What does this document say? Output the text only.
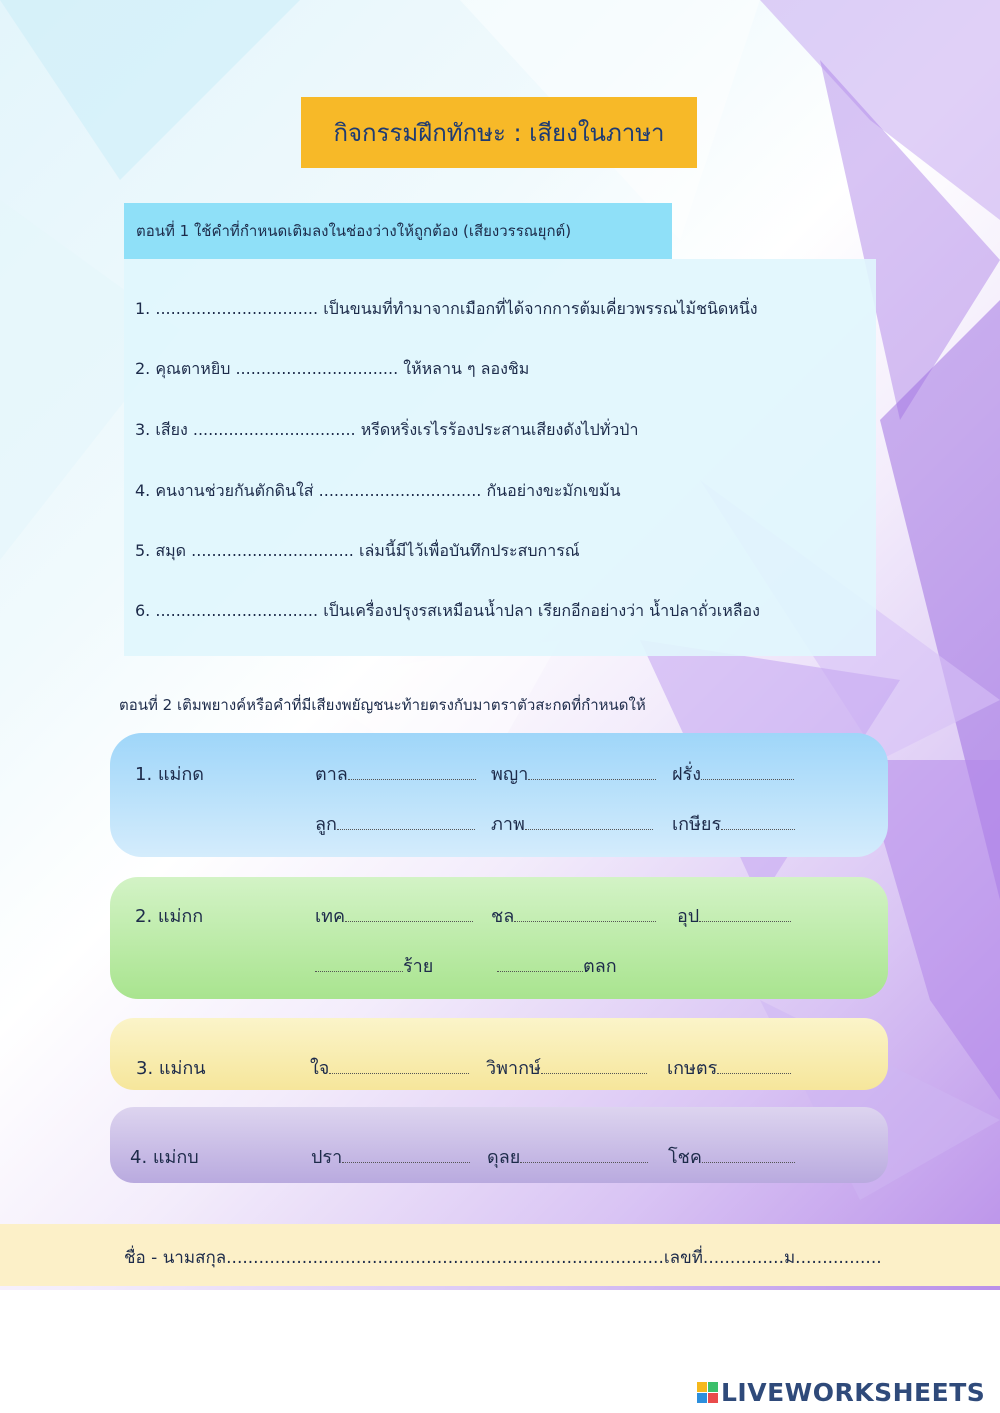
กิจกรรมฝึกทักษะ : เสียงในภาษา
ตอนที่ 1 ใช้คำที่กำหนดเติมลงในช่องว่างให้ถูกต้อง (เสียงวรรณยุกต์)
1. ................................ เป็นขนมที่ทำมาจากเมือกที่ได้จากการต้มเคี่ยวพรรณไม้ชนิดหนึ่ง
2. คุณตาหยิบ ................................ ให้หลาน ๆ ลองชิม
3. เสียง ................................ หรีดหริ่งเรไรร้องประสานเสียงดังไปทั่วป่า
4. คนงานช่วยกันตักดินใส่ ................................ กันอย่างขะมักเขม้น
5. สมุด ................................ เล่มนี้มีไว้เพื่อบันทึกประสบการณ์
6. ................................ เป็นเครื่องปรุงรสเหมือนน้ำปลา เรียกอีกอย่างว่า น้ำปลาถั่วเหลือง
ตอนที่ 2 เติมพยางค์หรือคำที่มีเสียงพยัญชนะท้ายตรงกับมาตราตัวสะกดที่กำหนดให้
1. แม่กด	ตาล	พญา	ฝรั่ง
ลูก	ภาพ	เกษียร
2. แม่กก	เทค	ชล	อุป
ร้าย	ตลก
3. แม่กน	ใจ	วิพากษ์	เกษตร
4. แม่กบ	ปรา	ดุลย	โชค
ชื่อ - นามสกุล.................................................................................เลขที่...............ม................
LIVEWORKSHEETS
